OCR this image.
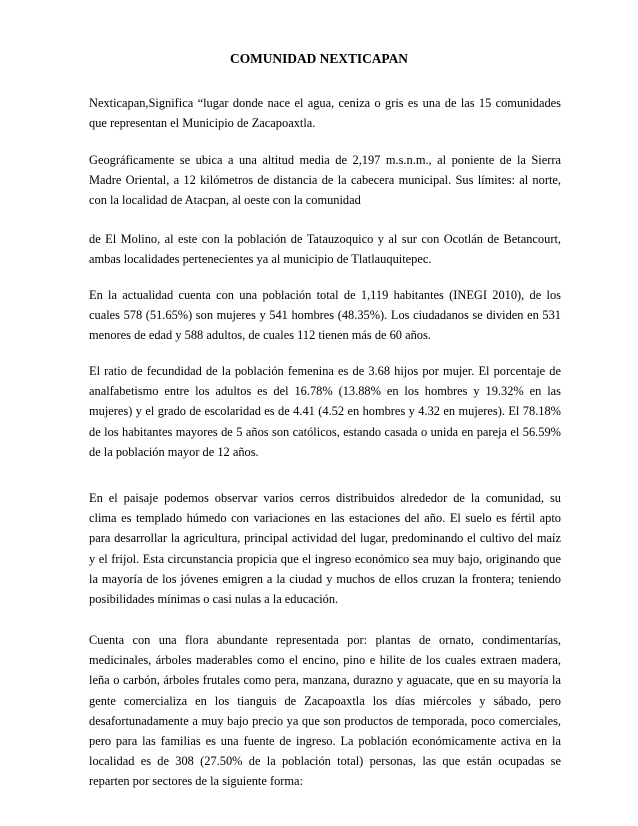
COMUNIDAD NEXTICAPAN

Nexticapan,Significa “lugar donde nace el agua, ceniza o gris es una de las 15 comunidades
que representan el Municipio de Zacapoaxtla.

Geográficamente se ubica a una altitud media de 2,197 m.s.n.m., al poniente de la Sierra
Madre Oriental, a 12 kilómetros de distancia de la cabecera municipal. Sus límites: al norte,
con la localidad de Atacpan, al oeste con la comunidad

de El Molino, al este con la población de Tatauzoquico y al sur con Ocotlán de Betancourt,
ambas localidades pertenecientes ya al municipio de Tlatlauquitepec.

En la actualidad cuenta con una población total de 1,119 habitantes (INEGI 2010), de los
cuales 578 (51.65%) son mujeres y 541 hombres (48.35%). Los ciudadanos se dividen en 531
menores de edad y 588 adultos, de cuales 112 tienen más de 60 años.

El ratio de fecundidad de la población femenina es de 3.68 hijos por mujer. El porcentaje de
analfabetismo entre los adultos es del 16.78% (13.88% en los hombres y 19.32% en las
mujeres) y el grado de escolaridad es de 4.41 (4.52 en hombres y 4.32 en mujeres). El 78.18%
de los habitantes mayores de 5 años son católicos, estando casada o unida en pareja el 56.59%
de la población mayor de 12 años.

En el paisaje podemos observar varios cerros distribuidos alrededor de la comunidad, su
clima es templado húmedo con variaciones en las estaciones del año. El suelo es fértil apto
para desarrollar la agricultura, principal actividad del lugar, predominando el cultivo del maíz
y el frijol. Esta circunstancia propicia que el ingreso económico sea muy bajo, originando que
la mayoría de los jóvenes emigren a la ciudad y muchos de ellos cruzan la frontera; teniendo
posibilidades mínimas o casi nulas a la educación.

Cuenta con una flora abundante representada por: plantas de ornato, condimentarías,
medicinales, árboles maderables como el encino, pino e hilite de los cuales extraen madera,
leña o carbón, árboles frutales como pera, manzana, durazno y aguacate, que en su mayoría la
gente comercializa en los tianguis de Zacapoaxtla los días miércoles y sábado, pero
desafortunadamente a muy bajo precio ya que son productos de temporada, poco comerciales,
pero para las familias es una fuente de ingreso. La población económicamente activa en la
localidad es de 308 (27.50% de la población total) personas, las que están ocupadas se
reparten por sectores de la siguiente forma:
